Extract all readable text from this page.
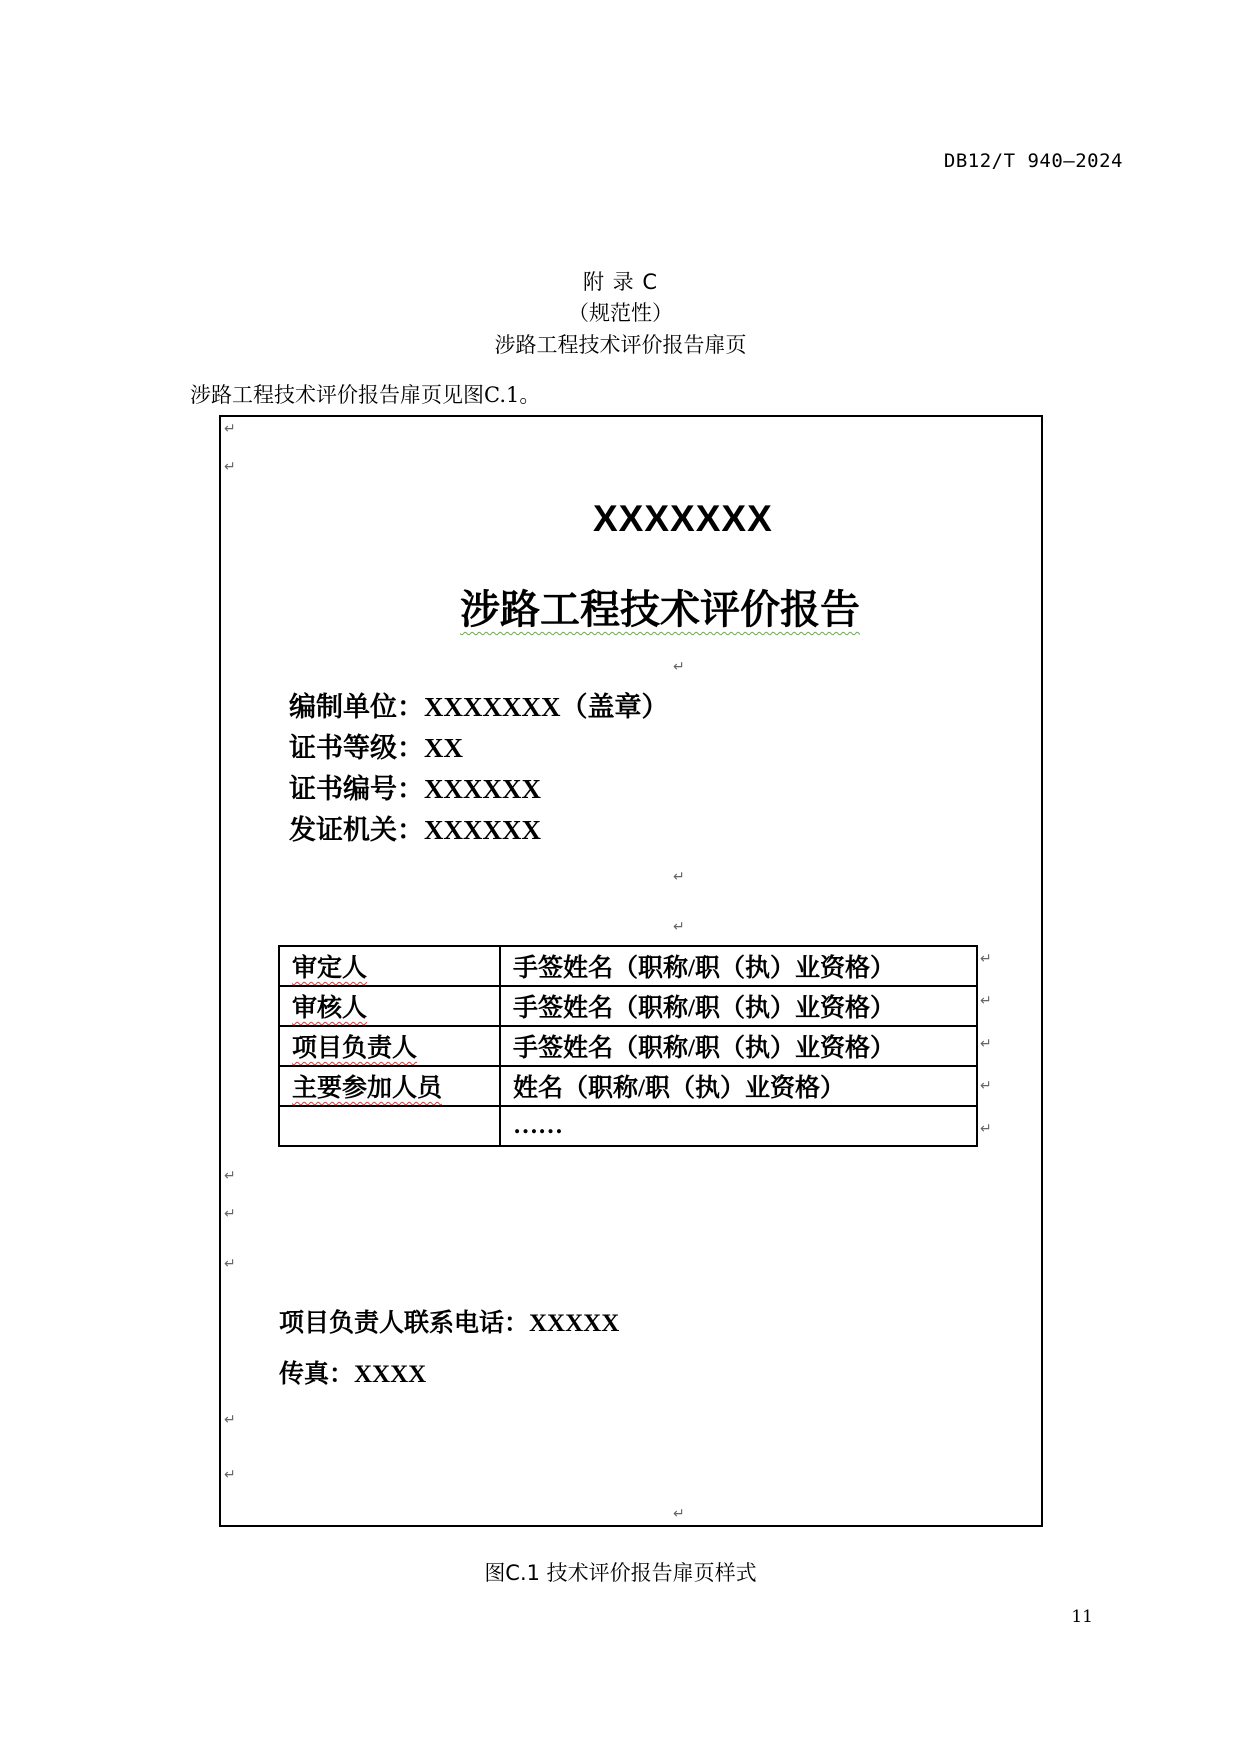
DB12/T 940—2024
附 录 C
（规范性）
涉路工程技术评价报告扉页
涉路工程技术评价报告扉页见图C.1。
↵
↵
↵
↵
↵
↵
↵
↵
↵
↵
↵
↵
↵
↵
↵
↵
XXXXXXX
涉路工程技术评价报告
编制单位：XXXXXXX（盖章）
证书等级：XX
证书编号：XXXXXX
发证机关：XXXXXX
审定人	手签姓名（职称/职（执）业资格）
审核人	手签姓名（职称/职（执）业资格）
项目负责人	手签姓名（职称/职（执）业资格）
主要参加人员	姓名（职称/职（执）业资格）
	……
项目负责人联系电话：XXXXX
传真：XXXX
图C.1 技术评价报告扉页样式
11
